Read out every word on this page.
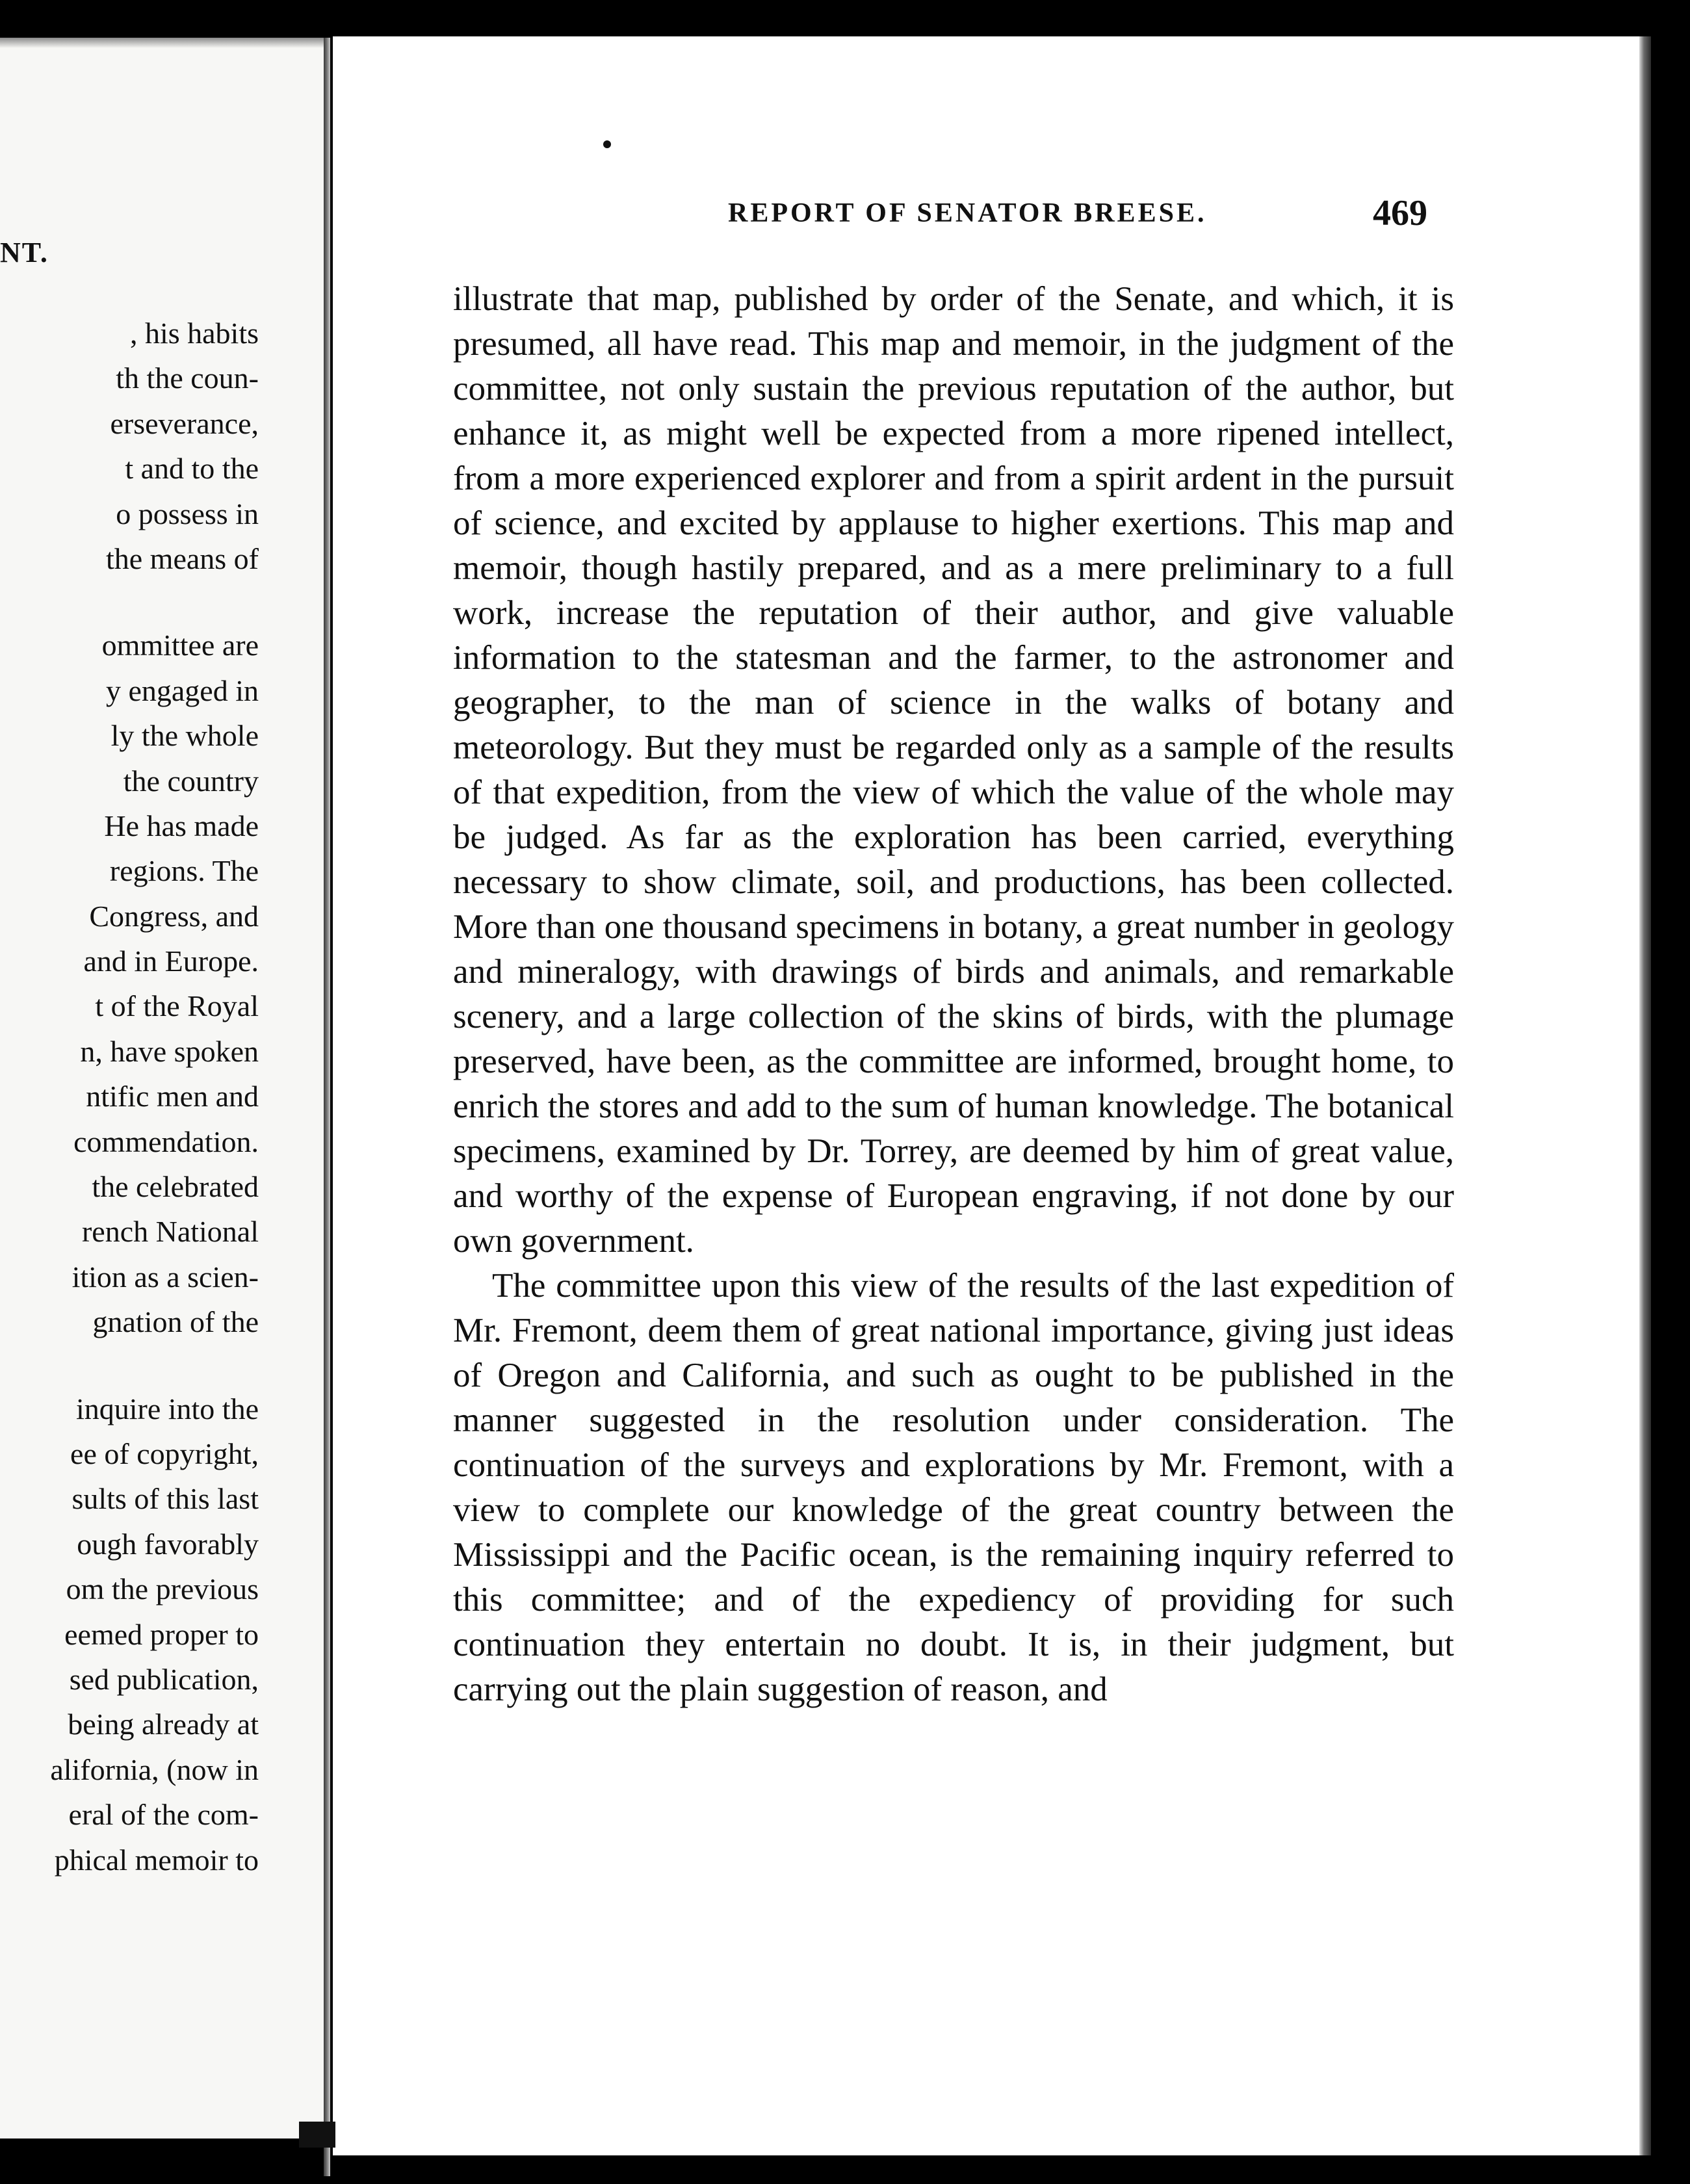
NT.
, his habits
th the coun-
erseverance,
t and to the
o possess in
the means of
ommittee are
y engaged in
ly the whole
the country
He has made
regions. The
Congress, and
and in Europe.
t of the Royal
n, have spoken
ntific men and
commendation.
the celebrated
rench National
ition as a scien-
gnation of the
inquire into the
ee of copyright,
sults of this last
ough favorably
om the previous
eemed proper to
sed publication,
being already at
alifornia, (now in
eral of the com-
phical memoir to
REPORT OF SENATOR BREESE.	469

illustrate that map, published by order of the Senate, and which, it is presumed, all have read. This map and memoir, in the judgment of the committee, not only sustain the previous reputation of the author, but enhance it, as might well be expected from a more ripened intellect, from a more experienced explorer and from a spirit ardent in the pursuit of science, and excited by applause to higher exertions. This map and memoir, though hastily prepared, and as a mere preliminary to a full work, increase the reputation of their author, and give valuable information to the statesman and the farmer, to the astronomer and geographer, to the man of science in the walks of botany and meteorology. But they must be regarded only as a sample of the results of that expedition, from the view of which the value of the whole may be judged. As far as the exploration has been carried, everything necessary to show climate, soil, and productions, has been collected. More than one thousand specimens in botany, a great number in geology and mineralogy, with drawings of birds and animals, and remarkable scenery, and a large collection of the skins of birds, with the plumage preserved, have been, as the committee are informed, brought home, to enrich the stores and add to the sum of human knowledge. The botanical specimens, examined by Dr. Torrey, are deemed by him of great value, and worthy of the expense of European engraving, if not done by our own government.

The committee upon this view of the results of the last expedition of Mr. Fremont, deem them of great national importance, giving just ideas of Oregon and California, and such as ought to be published in the manner suggested in the resolution under consideration. The continuation of the surveys and explorations by Mr. Fremont, with a view to complete our knowledge of the great country between the Mississippi and the Pacific ocean, is the remaining inquiry referred to this committee; and of the expediency of providing for such continuation they entertain no doubt. It is, in their judgment, but carrying out the plain suggestion of reason, and
